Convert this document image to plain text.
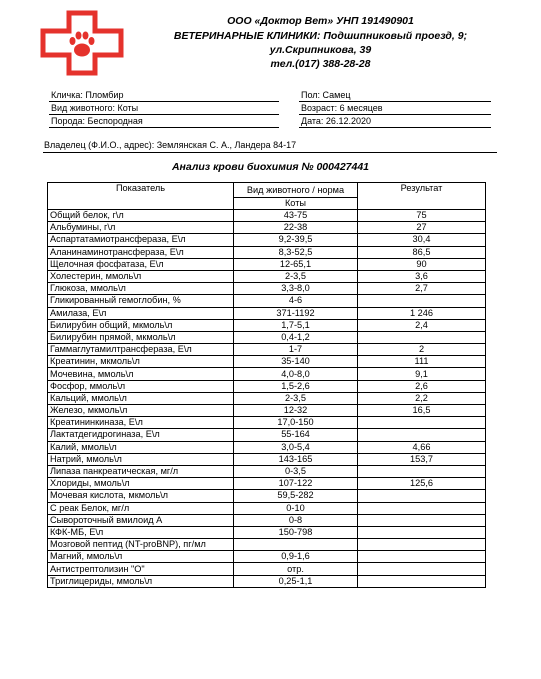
ООО «Доктор Вет» УНП 191490901
ВЕТЕРИНАРНЫЕ КЛИНИКИ: Подшипниковый проезд, 9;
ул.Скрипникова, 39
тел.(017) 388-28-28
Кличка: Пломбир
Вид животного: Коты
Порода: Беспородная
Пол: Самец
Возраст: 6 месяцев
Дата: 26.12.2020
Владелец (Ф.И.О., адрес): Землянская С. А., Ландера 84-17
Анализ крови биохимия № 000427441
Показатель	Вид животного / норма	Результат
	Коты	
Общий белок, г\л	43-75	75
Альбумины, г\л	22-38	27
Аспартатамиотрансфераза, Е\л	9,2-39,5	30,4
Аланинаминотрансфераза, Е\л	8,3-52,5	86,5
Щелочная фосфатаза, Е\л	12-65,1	90
Холестерин, ммоль\л	2-3,5	3,6
Глюкоза, ммоль\л	3,3-8,0	2,7
Гликированный гемоглобин, %	4-6	
Амилаза, Е\л	371-1192	1 246
Билирубин общий, мкмоль\л	1,7-5,1	2,4
Билирубин прямой, мкмоль\л	0,4-1,2	
Гаммаглутамилтрансфераза, Е\л	1-7	2
Креатинин, мкмоль\л	35-140	111
Мочевина, ммоль\л	4,0-8,0	9,1
Фосфор, ммоль\л	1,5-2,6	2,6
Кальций, ммоль\л	2-3,5	2,2
Железо, мкмоль\л	12-32	16,5
Креатининкиназа, Е\л	17,0-150	
Лактатдегидрогиназа, Е\л	55-164	
Калий, ммоль\л	3,0-5,4	4,66
Натрий, ммоль\л	143-165	153,7
Липаза панкреатическая, мг/л	0-3,5	
Хлориды, ммоль\л	107-122	125,6
Мочевая кислота, мкмоль\л	59,5-282	
С реак Белок, мг/л	0-10	
Сывороточный вмилоид А	0-8	
КФК-МБ, Е\л	150-798	
Мозговой пептид (NT-proBNP), пг/мл		
Магний, ммоль\л	0,9-1,6	
Антистрептолизин "О"	отр.	
Триглицериды, ммоль\л	0,25-1,1	
